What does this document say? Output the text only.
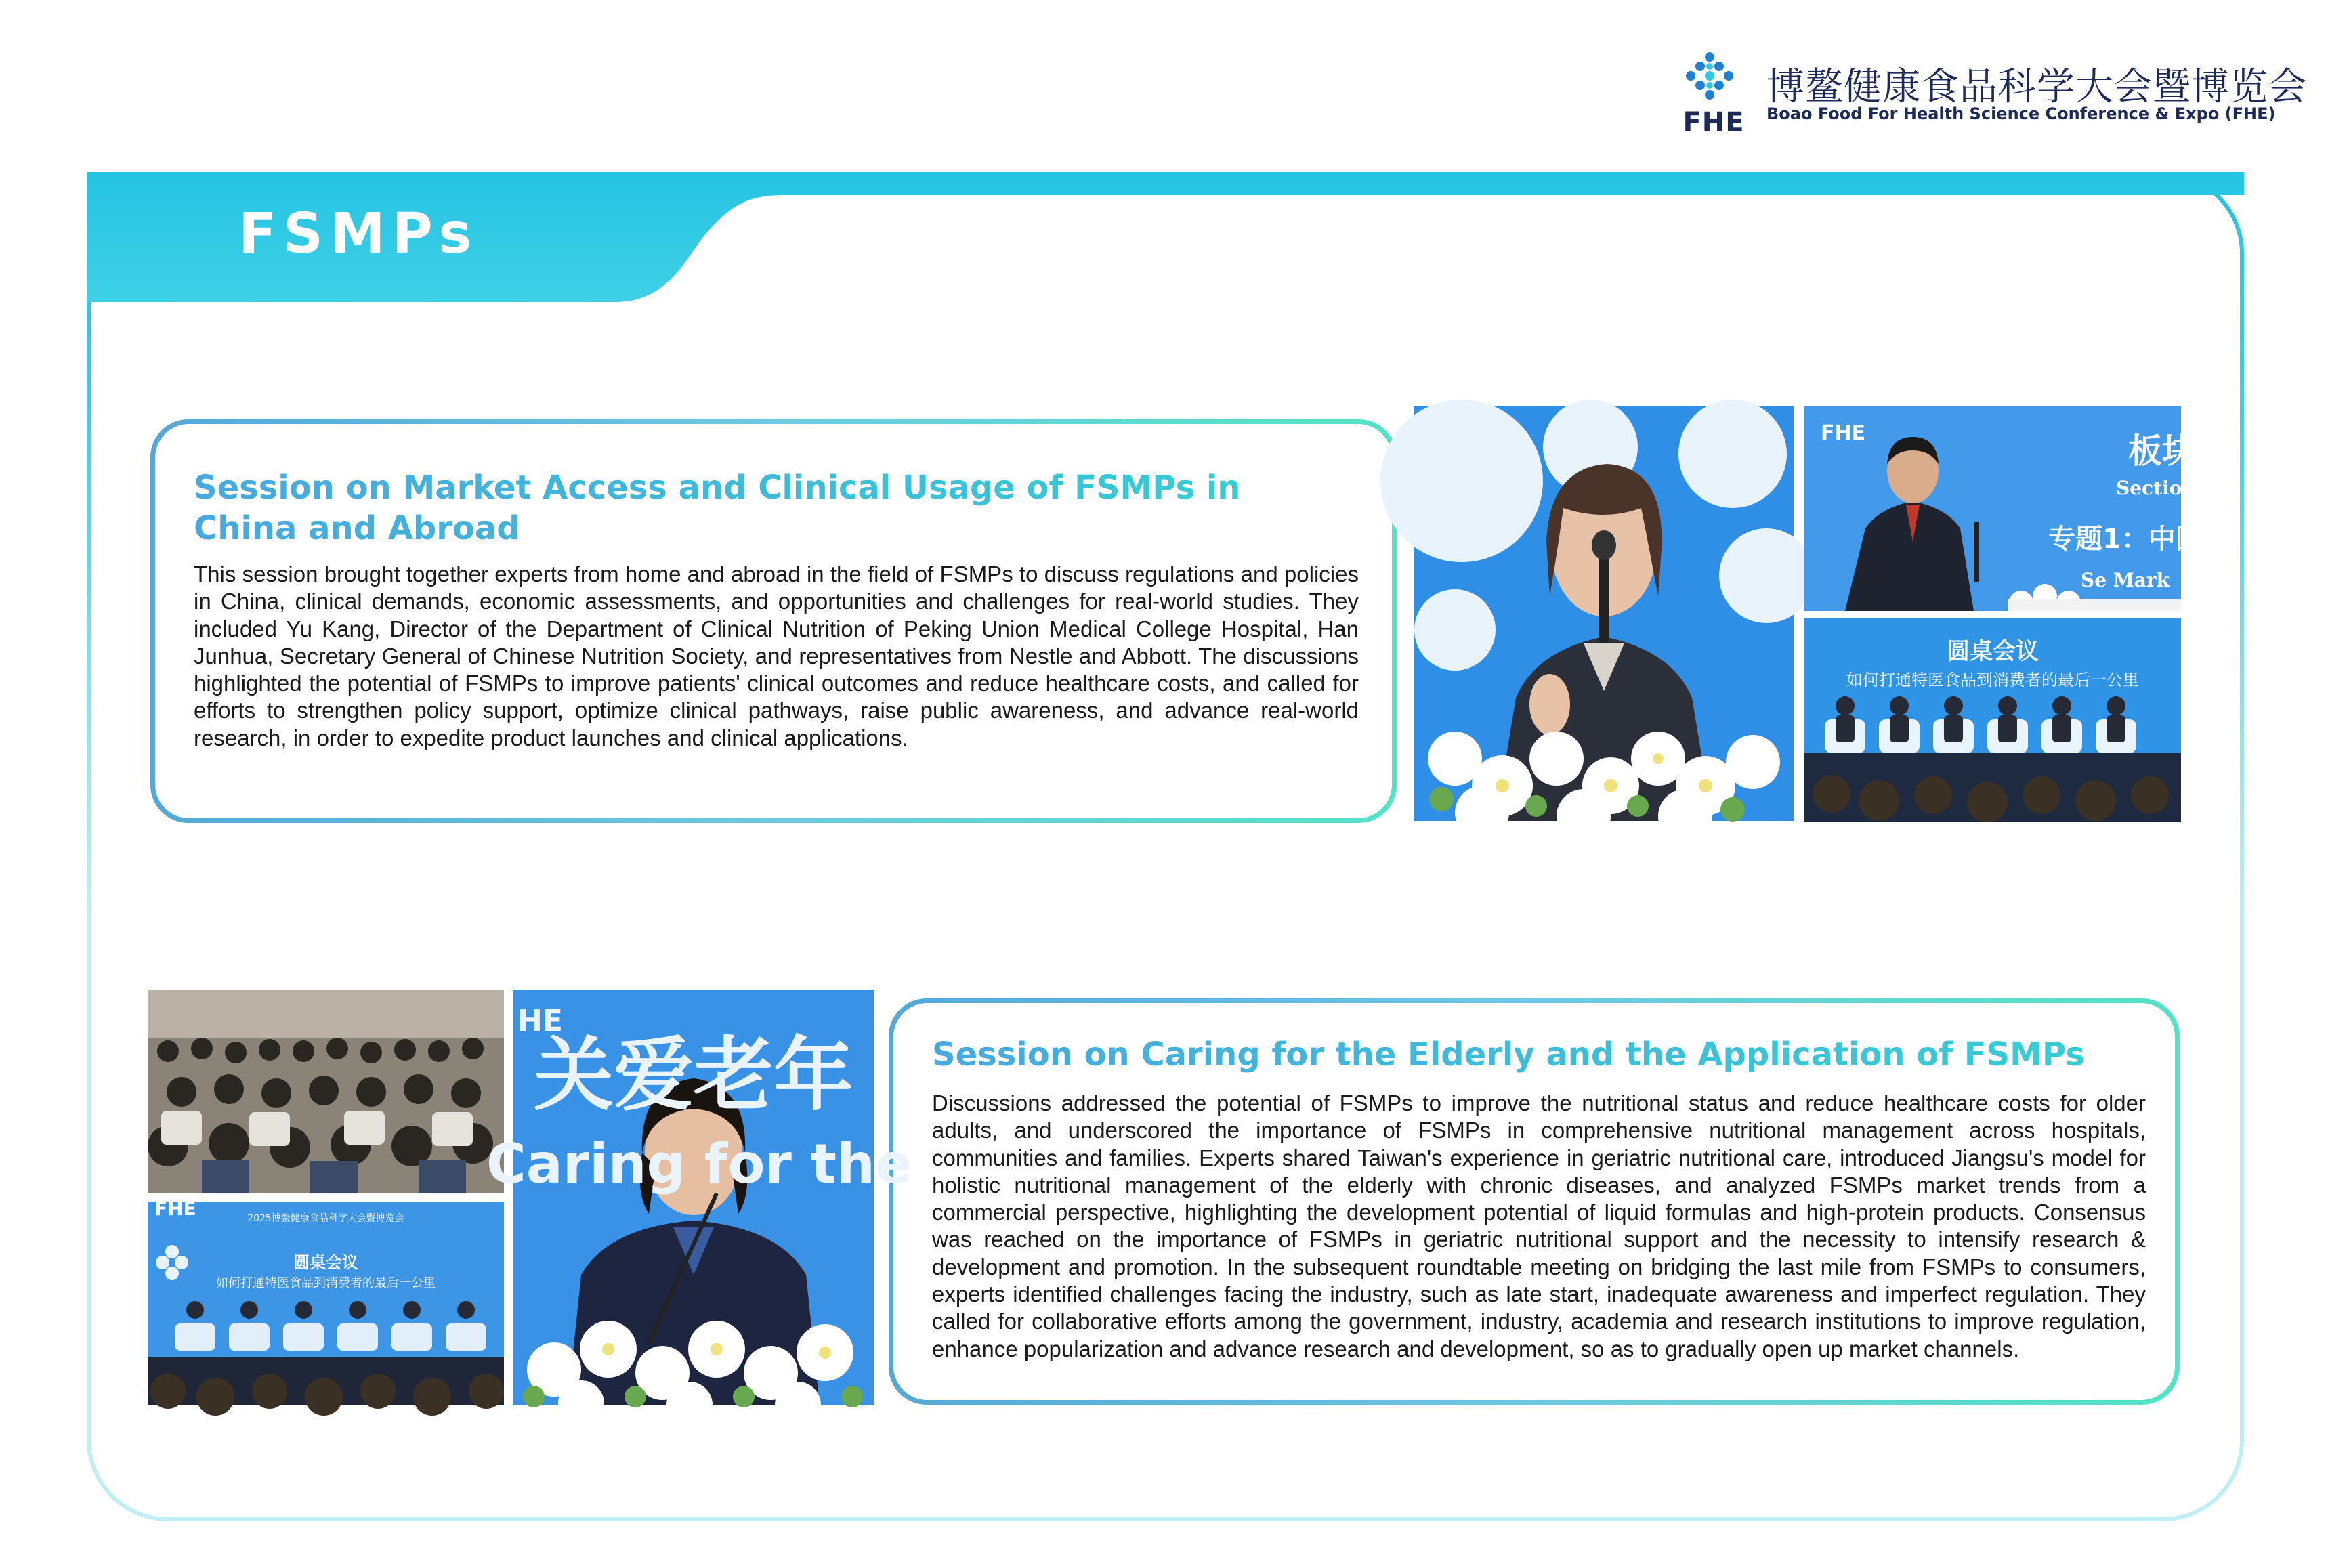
FHE
博鳌健康食品科学大会暨博览会
Boao Food For Health Science Conference & Expo (FHE)
FSMPs
Session on Market Access and Clinical Usage of FSMPs in China and Abroad
This session brought together experts from home and abroad in the field of FSMPs to discuss regulations and policies in China, clinical demands, economic assessments, and opportunities and challenges for real-world studies. They included Yu Kang, Director of the Department of Clinical Nutrition of Peking Union Medical College Hospital, Han Junhua, Secretary General of Chinese Nutrition Society, and representatives from Nestle and Abbott. The discussions highlighted the potential of FSMPs to improve patients' clinical outcomes and reduce healthcare costs, and called for efforts to strengthen policy support, optimize clinical pathways, raise public awareness, and advance real-world research, in order to expedite product launches and clinical applications.
Session on Caring for the Elderly and the Application of FSMPs
Discussions addressed the potential of FSMPs to improve the nutritional status and reduce healthcare costs for older adults, and underscored the importance of FSMPs in comprehensive nutritional management across hospitals, communities and families. Experts shared Taiwan's experience in geriatric nutritional care, introduced Jiangsu's model for holistic nutritional management of the elderly with chronic diseases, and analyzed FSMPs market trends from a commercial perspective, highlighting the development potential of liquid formulas and high-protein products. Consensus was reached on the importance of FSMPs in geriatric nutritional support and the necessity to intensify research & development and promotion. In the subsequent roundtable meeting on bridging the last mile from FSMPs to consumers, experts identified challenges facing the industry, such as late start, inadequate awareness and imperfect regulation. They called for collaborative efforts among the government, industry, academia and research institutions to improve regulation, enhance popularization and advance research and development, so as to gradually open up market channels.
FHE	板块
Section
专题1：中国
Se Mark
圆桌会议
如何打通特医食品到消费者的最后一公里
FHE	2025博鳌健康食品科学大会暨博览会
圆桌会议
如何打通特医食品到消费者的最后一公里
HE
关爱老年
Caring for the
